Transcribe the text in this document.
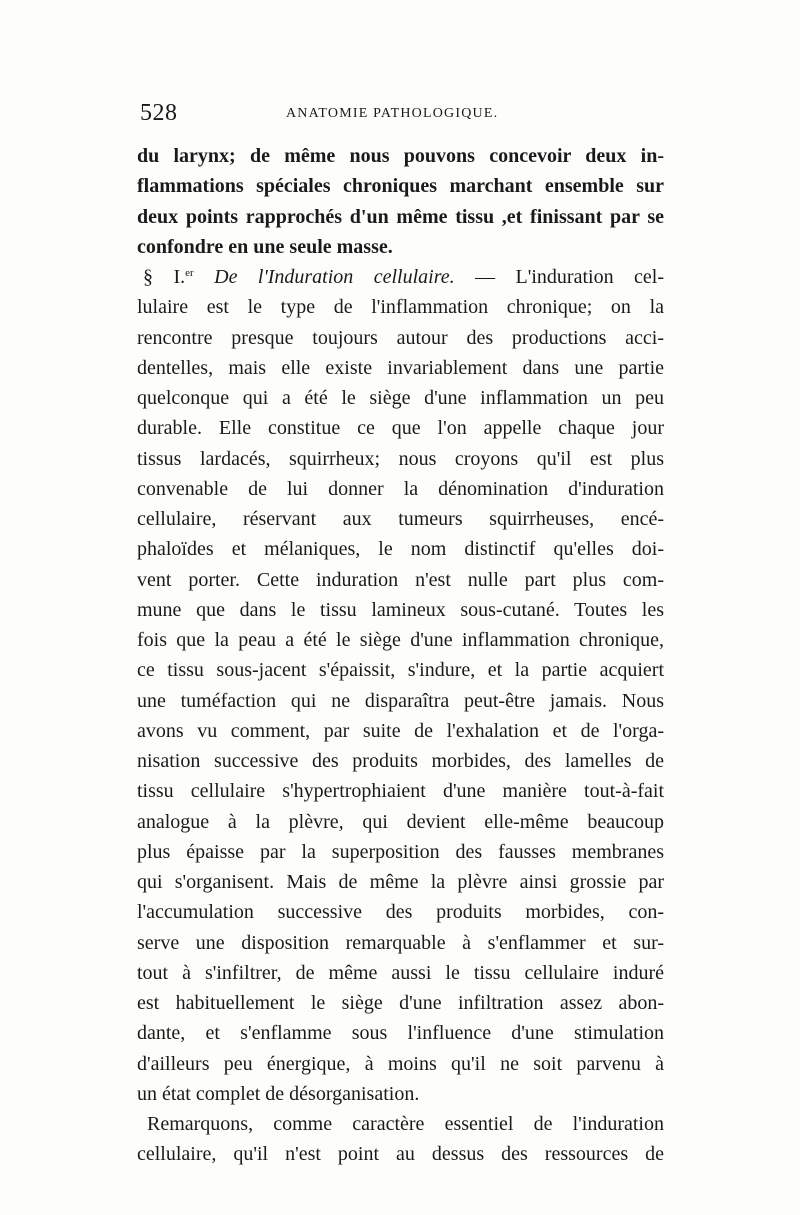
528	ANATOMIE PATHOLOGIQUE.
du larynx; de même nous pouvons concevoir deux in-
flammations spéciales chroniques marchant ensemble sur
deux points rapprochés d'un même tissu ,et finissant par se
confondre en une seule masse.
§ I.$^{er}$ De l'Induration cellulaire. — L'induration cel-
lulaire est le type de l'inflammation chronique; on la
rencontre presque toujours autour des productions acci-
dentelles, mais elle existe invariablement dans une partie
quelconque qui a été le siège d'une inflammation un peu
durable. Elle constitue ce que l'on appelle chaque jour
tissus lardacés, squirrheux; nous croyons qu'il est plus
convenable de lui donner la dénomination d'induration
cellulaire, réservant aux tumeurs squirrheuses, encé-
phaloïdes et mélaniques, le nom distinctif qu'elles doi-
vent porter. Cette induration n'est nulle part plus com-
mune que dans le tissu lamineux sous-cutané. Toutes les
fois que la peau a été le siège d'une inflammation chronique,
ce tissu sous-jacent s'épaissit, s'indure, et la partie acquiert
une tuméfaction qui ne disparaîtra peut-être jamais. Nous
avons vu comment, par suite de l'exhalation et de l'orga-
nisation successive des produits morbides, des lamelles de
tissu cellulaire s'hypertrophiaient d'une manière tout-à-fait
analogue à la plèvre, qui devient elle-même beaucoup
plus épaisse par la superposition des fausses membranes
qui s'organisent. Mais de même la plèvre ainsi grossie par
l'accumulation successive des produits morbides, con-
serve une disposition remarquable à s'enflammer et sur-
tout à s'infiltrer, de même aussi le tissu cellulaire induré
est habituellement le siège d'une infiltration assez abon-
dante, et s'enflamme sous l'influence d'une stimulation
d'ailleurs peu énergique, à moins qu'il ne soit parvenu à
un état complet de désorganisation.
Remarquons, comme caractère essentiel de l'induration
cellulaire, qu'il n'est point au dessus des ressources de
